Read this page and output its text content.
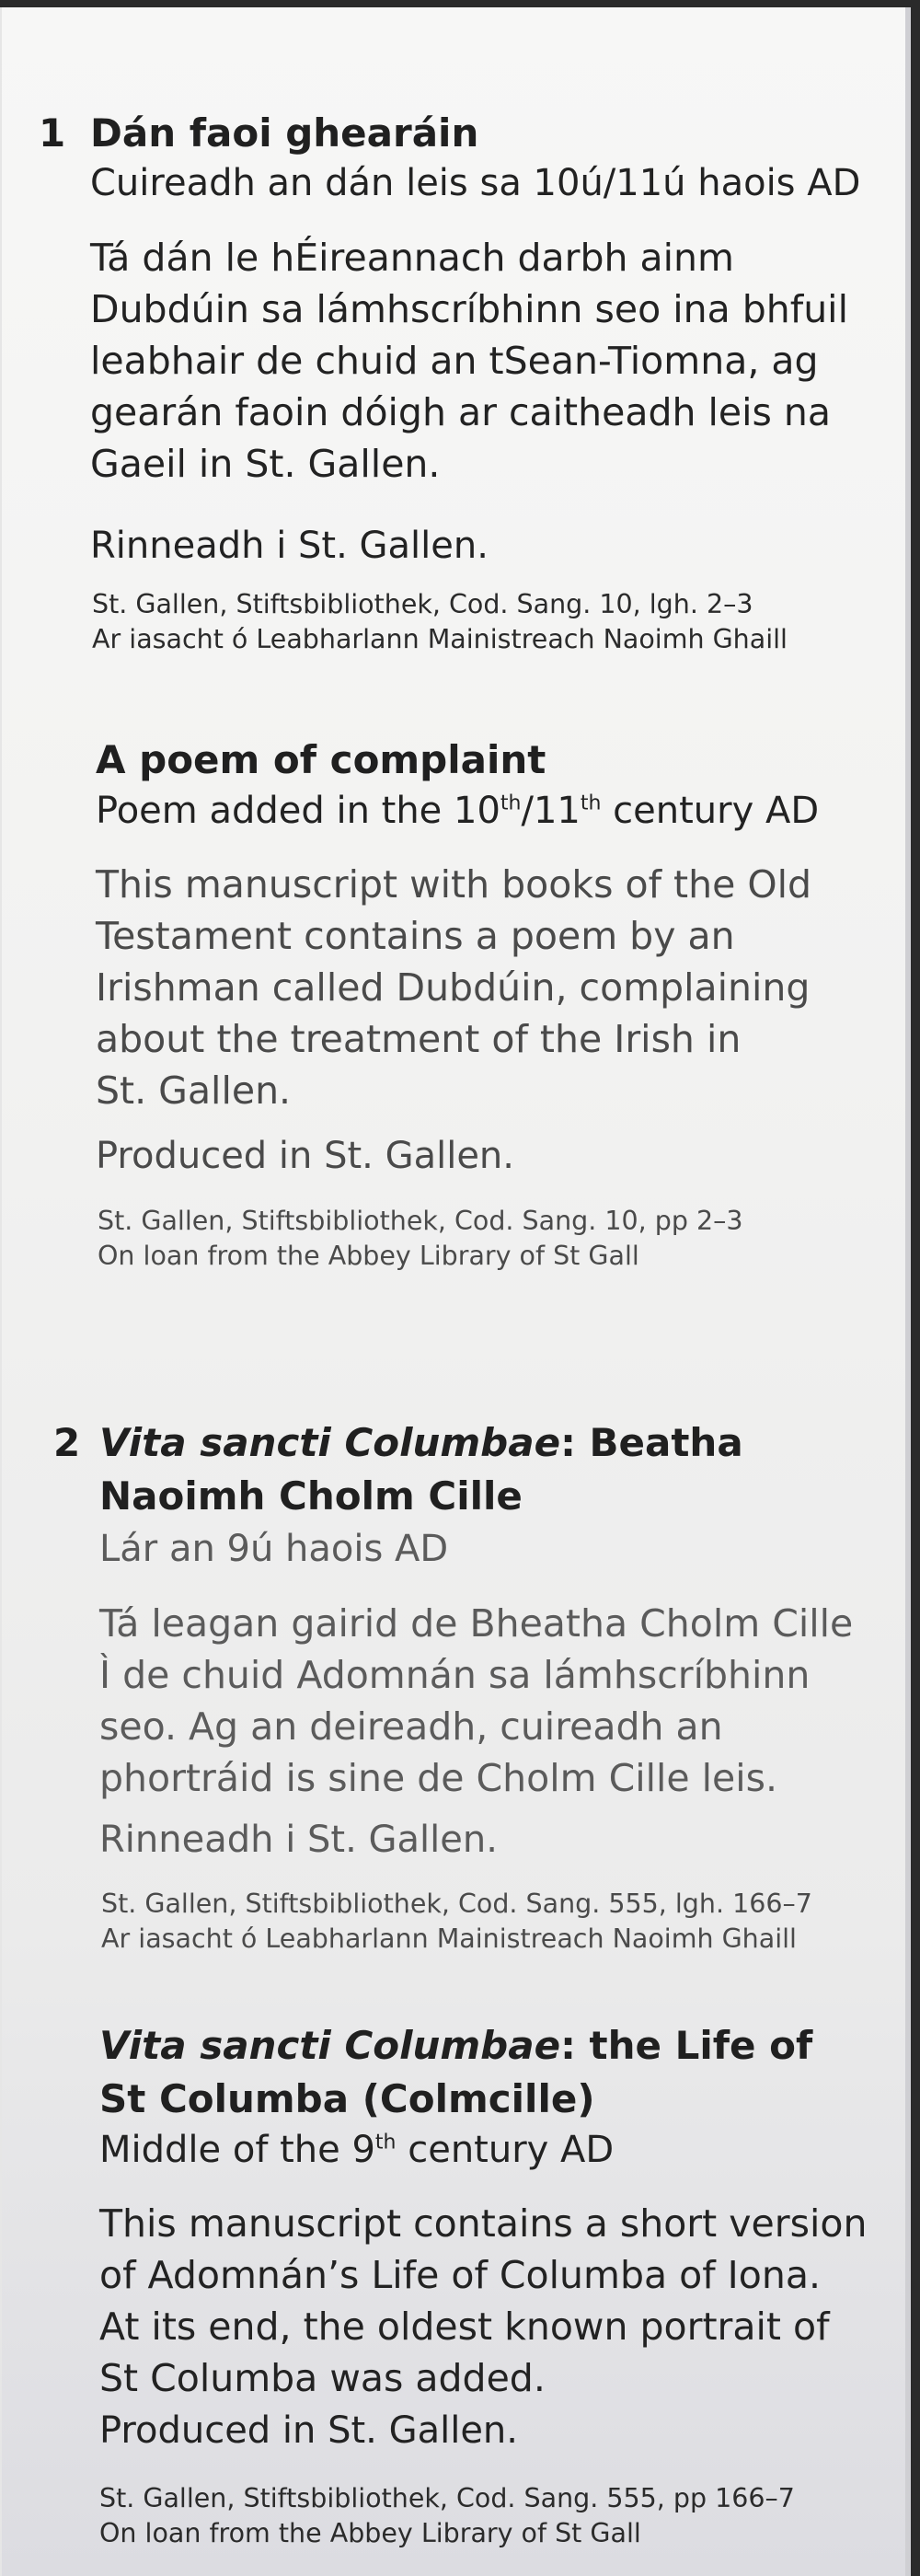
1 Dán faoi ghearáin
Cuireadh an dán leis sa 10ú/11ú haois AD
Tá dán le hÉireannach darbh ainm
Dubdúin sa lámhscríbhinn seo ina bhfuil
leabhair de chuid an tSean-Tiomna, ag
gearán faoin dóigh ar caitheadh leis na
Gaeil in St. Gallen.
Rinneadh i St. Gallen.
St. Gallen, Stiftsbibliothek, Cod. Sang. 10, lgh. 2–3
Ar iasacht ó Leabharlann Mainistreach Naoimh Ghaill
A poem of complaint
Poem added in the 10th/11th century AD
This manuscript with books of the Old
Testament contains a poem by an
Irishman called Dubdúin, complaining
about the treatment of the Irish in
St. Gallen.
Produced in St. Gallen.
St. Gallen, Stiftsbibliothek, Cod. Sang. 10, pp 2–3
On loan from the Abbey Library of St Gall
2 Vita sancti Columbae: Beatha
Naoimh Cholm Cille
Lár an 9ú haois AD
Tá leagan gairid de Bheatha Cholm Cille
Ì de chuid Adomnán sa lámhscríbhinn
seo. Ag an deireadh, cuireadh an
phortráid is sine de Cholm Cille leis.
Rinneadh i St. Gallen.
St. Gallen, Stiftsbibliothek, Cod. Sang. 555, lgh. 166–7
Ar iasacht ó Leabharlann Mainistreach Naoimh Ghaill
Vita sancti Columbae: the Life of
St Columba (Colmcille)
Middle of the 9th century AD
This manuscript contains a short version
of Adomnán’s Life of Columba of Iona.
At its end, the oldest known portrait of
St Columba was added.
Produced in St. Gallen.
St. Gallen, Stiftsbibliothek, Cod. Sang. 555, pp 166–7
On loan from the Abbey Library of St Gall
